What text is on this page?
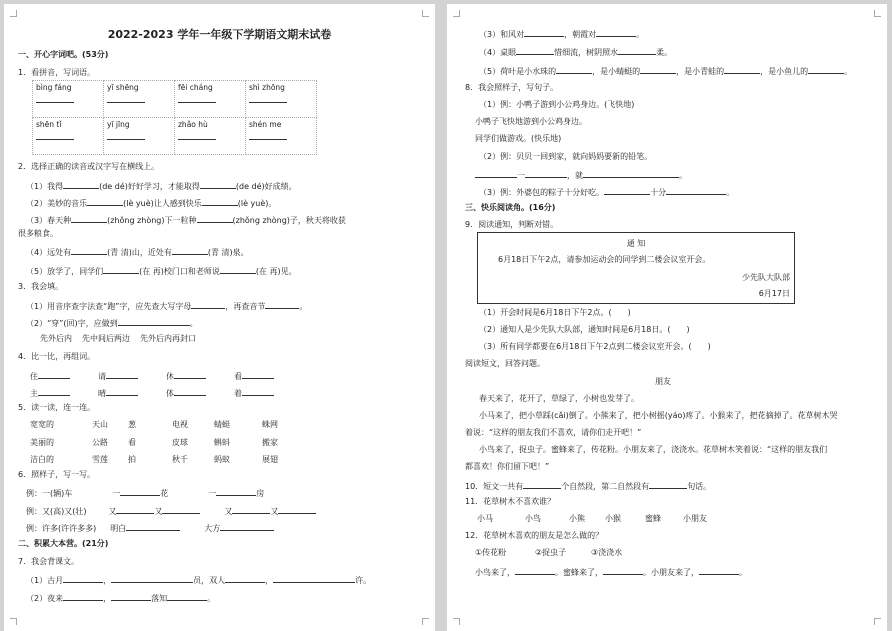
2022-2023 学年一年级下学期语文期末试卷
一、开心字词吧。(53分)
1．看拼音，写词语。
bìng fáng	yī shēng	fēi cháng	shì zhōng

shēn tǐ	yī jīng	zhǎo hù	shén me
2．选择正确的读音或汉字写在横线上。
（1）我得	(de dé)好好学习，才能取得	(de dé)好成绩。
（2）美妙的音乐	(lè yuè)让人感到快乐	(lè yuè)。
（3）春天种	(zhǒng zhòng)下一粒种	(zhǒng zhòng)子，秋天将收获
很多粮食。
（4）远处有	(青 清)山，近处有	(青 清)泉。
（5）放学了，同学们	(在 再)校门口和老师说	(在 再)见。
3．我会填。
（1）用音序查字法查“跑”字，应先查大写字母	，再查音节	。
（2）“穿”(回)字，应做到	。
先外后内 先中间后两边 先外后内再封口
4．比一比，再组词。
住	请	休	看
主	晴	体	着
5．读一读，连一连。
宽宽的	天山	葱	电视	蜻蜓	蛛网
美丽的	公路	看	皮球	蝌蚪	搬家
洁白的	雪莲	拍	秋千	蚂蚁	展翅
6．照样子，写一写。
例：一(辆)车	一	花	一	房
例：又(高)又(壮)	又	又	又	又
例：许多(许许多多) 明白	大方
二、积累大本营。(21分)
7．我会背课文。
（1）古月	，	员，双人	，	许。
（2）夜来	，	落知	。
（3）和风对	，朝霞对	。
（4）桌眼	惜细流，树阴照水	柔。
（5）荷叶是小水珠的	，是小蜻蜓的	，是小青蛙的	，是小鱼儿的	。
8．我会照样子，写句子。
（1）例：小鸭子游到小公鸡身边。(飞快地)
小鸭子飞快地游到小公鸡身边。
同学们做游戏。(快乐地)
（2）例：贝贝一回到家，就向妈妈要新的铅笔。
一	，就	。
（3）例：外婆包的粽子十分好吃。	十分	。
三、快乐阅读角。(16分)
9．阅读通知，判断对错。
通 知
6月18日下午2点，请参加运动会的同学到二楼会议室开会。
少先队大队部
6月17日
（1）开会时间是6月18日下午2点。(　　)
（2）通知人是少先队大队部，通知时间是6月18日。(　　)
（3）所有同学都要在6月18日下午2点到二楼会议室开会。(　　)
阅读短文，回答问题。
朋友
春天来了，花开了，草绿了，小树也发芽了。
小马来了，把小草踩(cǎi)倒了。小熊来了，把小树摇(yáo)疼了。小猴来了，把花摘掉了。花草树木哭
着说：“这样的朋友我们不喜欢，请你们走开吧！”
小鸟来了，捉虫子。蜜蜂来了，传花粉。小朋友来了，浇浇水。花草树木笑着说：“这样的朋友我们
都喜欢！你们留下吧！”
10．短文一共有	个自然段，第二自然段有	句话。
11．花草树木不喜欢谁？
小马	小鸟	小熊	小猴	蜜蜂	小朋友
12．花草树木喜欢的朋友是怎么做的？
①传花粉	②捉虫子	③浇浇水
小鸟来了，	。蜜蜂来了，	。小朋友来了，	。
